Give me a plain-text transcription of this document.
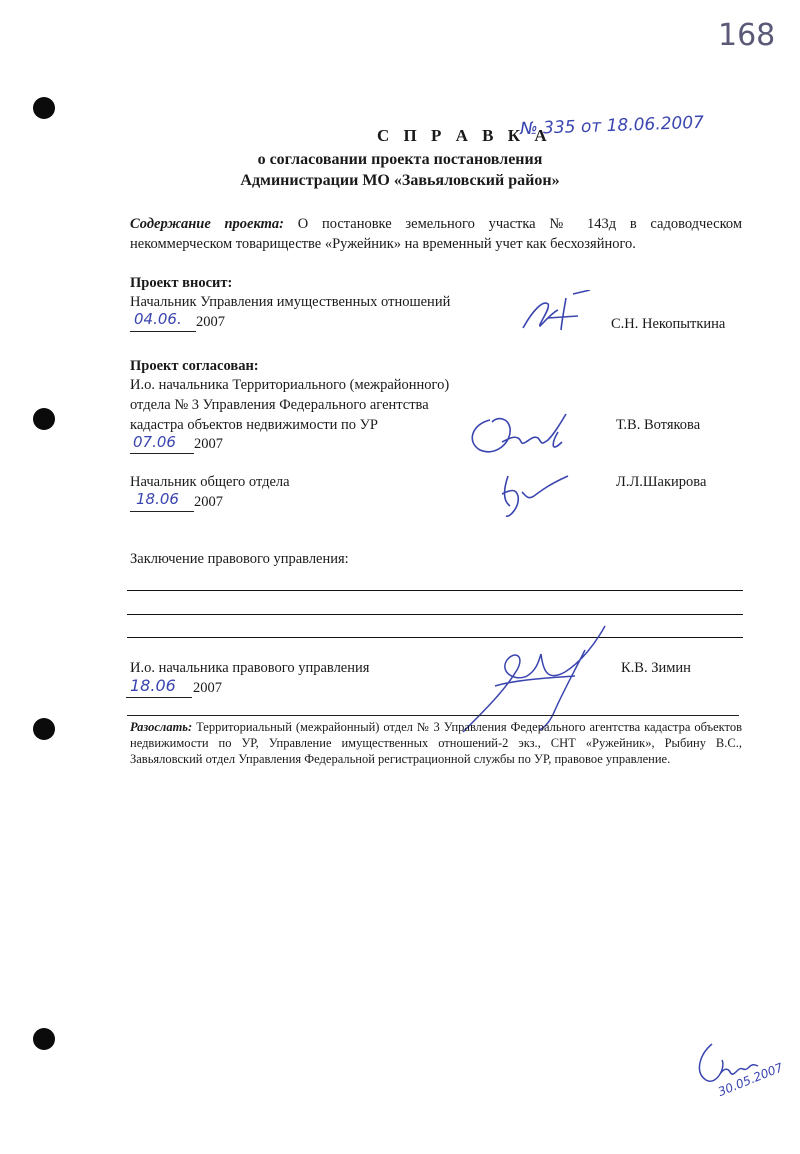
168
С П Р А В К А
№ 335 от 18.06.2007
о согласовании проекта постановления
Администрации МО «Завьяловский район»
Содержание проекта: О постановке земельного участка № 143д в садоводческом
некоммерческом товариществе «Ружейник» на временный учет как бесхозяйного.
Проект вносит:
Начальник Управления имущественных отношений
04.06. 2007	С.Н. Некопыткина
Проект согласован:
И.о. начальника Территориального (межрайонного)
отдела № 3 Управления Федерального агентства
кадастра объектов недвижимости по УР
07.06 2007
Т.В. Вотякова
Начальник общего отдела
18.06 2007
Л.Л.Шакирова
Заключение правового управления:
И.о. начальника правового управления
18.06 2007
К.В. Зимин
Разослать: Территориальный (межрайонный) отдел № 3 Управления Федерального агентства кадастра объектов недвижимости по УР, Управление имущественных отношений-2 экз., СНТ «Ружейник», Рыбину В.С., Завьяловский отдел Управления Федеральной регистрационной службы по УР, правовое управление.
30.05.2007
